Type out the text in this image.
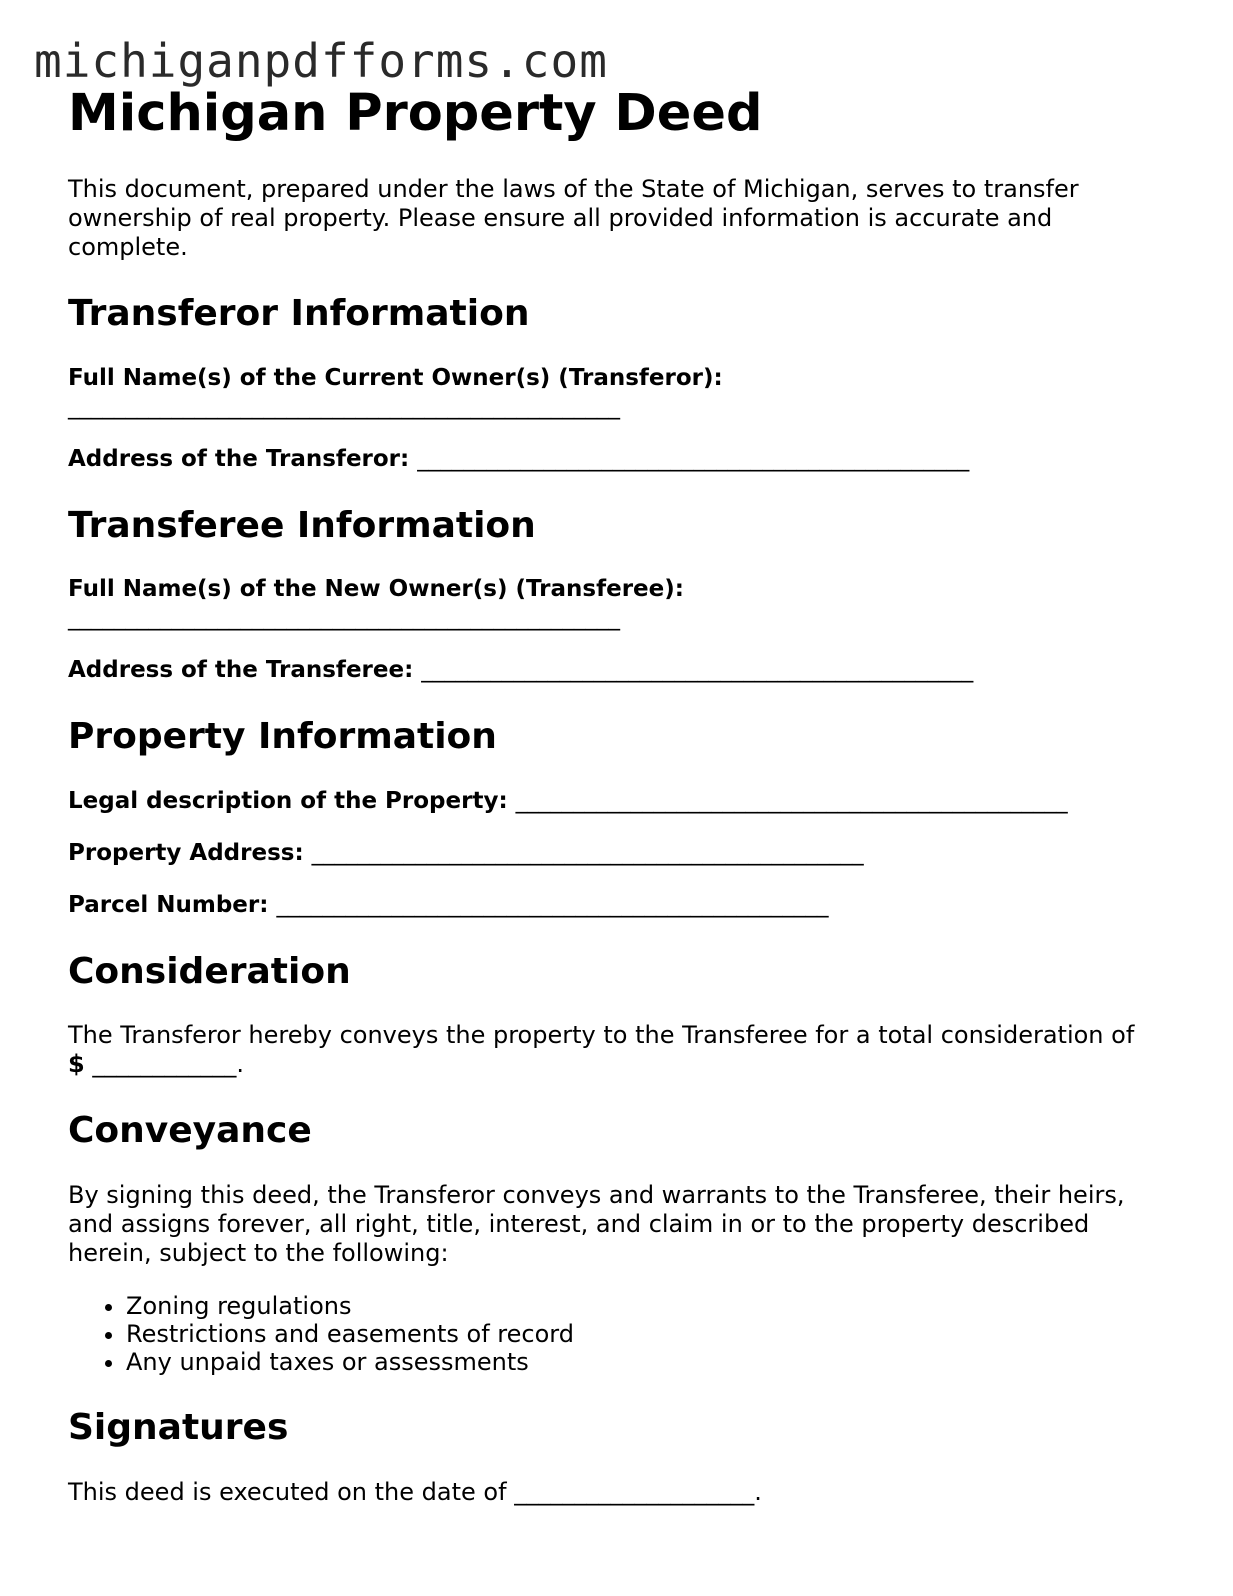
michiganpdfforms.com
Michigan Property Deed

This document, prepared under the laws of the State of Michigan, serves to transfer ownership of real property. Please ensure all provided information is accurate and complete.

Transferor Information
Full Name(s) of the Current Owner(s) (Transferor):
________________________________________________
Address of the Transferor: ________________________________________________
Transferee Information
Full Name(s) of the New Owner(s) (Transferee):
________________________________________________
Address of the Transferee: ________________________________________________
Property Information
Legal description of the Property: ________________________________________________
Property Address: ________________________________________________
Parcel Number: ________________________________________________
Consideration

The Transferor hereby conveys the property to the Transferee for a total consideration of
$ ____________.

Conveyance

By signing this deed, the Transferor conveys and warrants to the Transferee, their heirs, and assigns forever, all right, title, interest, and claim in or to the property described herein, subject to the following:

• Zoning regulations
• Restrictions and easements of record
• Any unpaid taxes or assessments
Signatures

This deed is executed on the date of ____________________.
